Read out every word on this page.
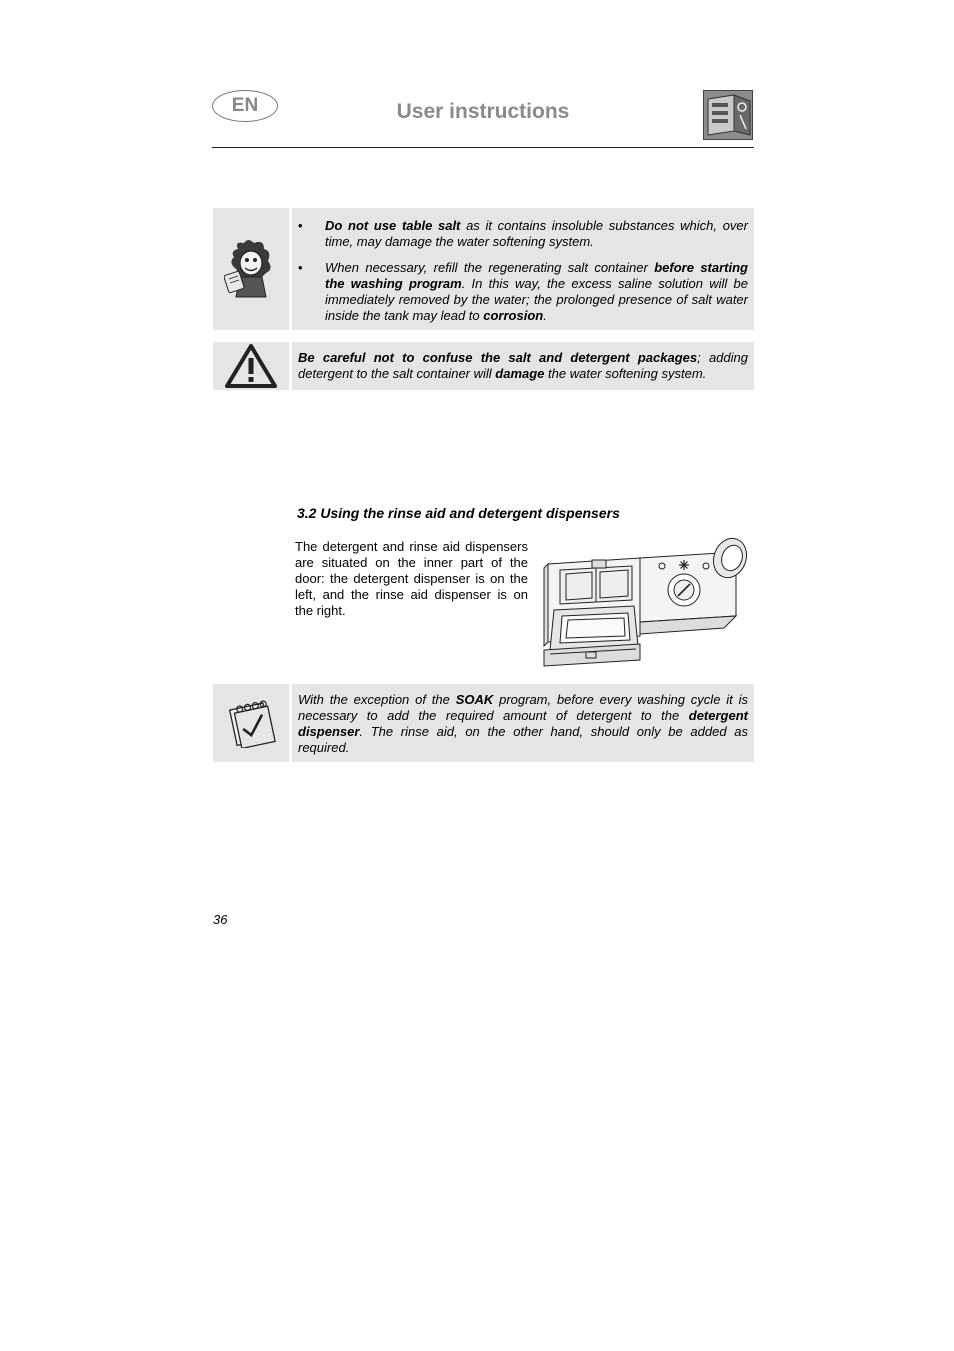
EN	User instructions
• Do not use table salt as it contains insoluble substances which, over time, may damage the water softening system.
• When necessary, refill the regenerating salt container before starting the washing program. In this way, the excess saline solution will be immediately removed by the water; the prolonged presence of salt water inside the tank may lead to corrosion.

Be careful not to confuse the salt and detergent packages; adding detergent to the salt container will damage the water softening system.

3.2 Using the rinse aid and detergent dispensers
The detergent and rinse aid dispensers are situated on the inner part of the door: the detergent dispenser is on the left, and the rinse aid dispenser is on the right.

With the exception of the SOAK program, before every washing cycle it is necessary to add the required amount of detergent to the detergent dispenser. The rinse aid, on the other hand, should only be added as required.

36
